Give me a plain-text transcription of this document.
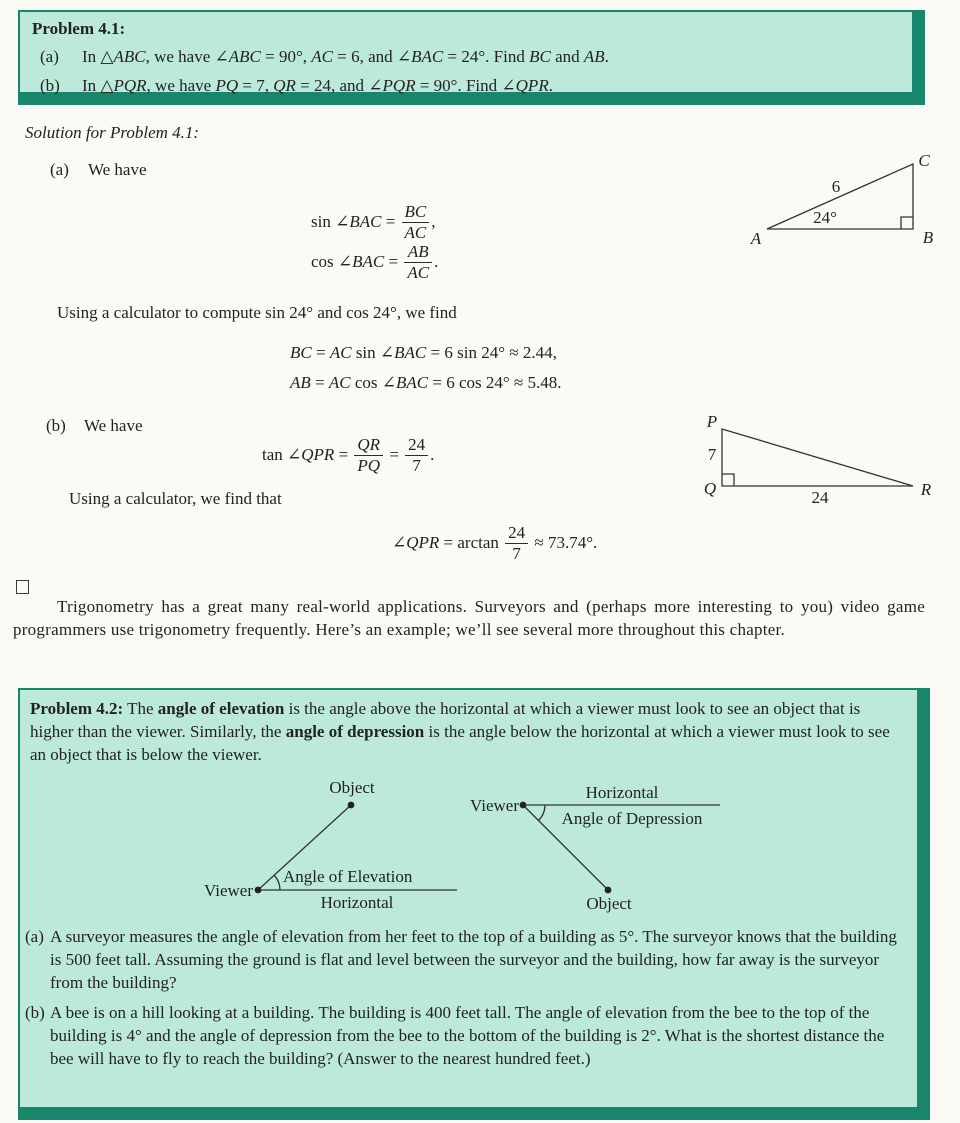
Problem 4.1:
(a) In △ABC, we have ∠ABC = 90°, AC = 6, and ∠BAC = 24°. Find BC and AB.
(b) In △PQR, we have PQ = 7, QR = 24, and ∠PQR = 90°. Find ∠QPR.
Solution for Problem 4.1:
(a) We have
sin ∠BAC = $\frac{BC}{AC}$ ,
cos ∠BAC = $\frac{AB}{AC}$ .
A	B
C
6
24°
Using a calculator to compute sin 24° and cos 24°, we find
BC = AC sin ∠BAC = 6 sin 24° ≈ 2.44,
AB = AC cos ∠BAC = 6 cos 24° ≈ 5.48.
(b) We have	P
Q	R
7
24
tan ∠QPR = $\frac{QR}{PQ} = \frac{24}{7}$ .
Using a calculator, we find that
∠QPR = $\arctan \frac{24}{7} \approx 73.74^\circ$.

Trigonometry has a great many real-world applications. Surveyors and (perhaps more interesting to you) video game programmers use trigonometry frequently. Here’s an example; we’ll see several more throughout this chapter.

Problem 4.2: The angle of elevation is the angle above the horizontal at which a viewer must look to see an object that is higher than the viewer. Similarly, the angle of depression is the angle below the horizontal at which a viewer must look to see an object that is below the viewer.
Object
Viewer
Angle of Elevation
Horizontal
Viewer
Horizontal
Angle of Depression
Object
(a) A surveyor measures the angle of elevation from her feet to the top of a building as 5°. The surveyor knows that the building is 500 feet tall. Assuming the ground is flat and level between the surveyor and the building, how far away is the surveyor from the building?
(b) A bee is on a hill looking at a building. The building is 400 feet tall. The angle of elevation from the bee to the top of the building is 4° and the angle of depression from the bee to the bottom of the building is 2°. What is the shortest distance the bee will have to fly to reach the building? (Answer to the nearest hundred feet.)
